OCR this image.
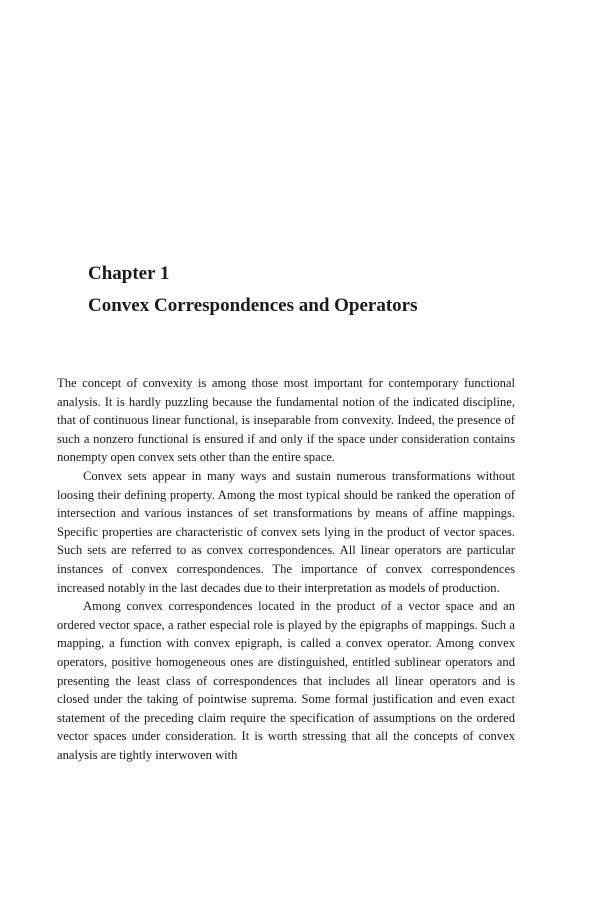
Chapter 1
Convex Correspondences and Operators

The concept of convexity is among those most important for contemporary functional analysis. It is hardly puzzling because the fundamental notion of the indicated discipline, that of continuous linear functional, is inseparable from convexity. Indeed, the presence of such a nonzero functional is ensured if and only if the space under consideration contains nonempty open convex sets other than the entire space.

Convex sets appear in many ways and sustain numerous transformations without loosing their defining property. Among the most typical should be ranked the operation of intersection and various instances of set transformations by means of affine mappings. Specific properties are characteristic of convex sets lying in the product of vector spaces. Such sets are referred to as convex correspondences. All linear operators are particular instances of convex correspondences. The importance of convex correspondences increased notably in the last decades due to their interpretation as models of production.

Among convex correspondences located in the product of a vector space and an ordered vector space, a rather especial role is played by the epigraphs of mappings. Such a mapping, a function with convex epigraph, is called a convex operator. Among convex operators, positive homogeneous ones are distinguished, entitled sublinear operators and presenting the least class of correspondences that includes all linear operators and is closed under the taking of pointwise suprema. Some formal justification and even exact statement of the preceding claim require the specification of assumptions on the ordered vector spaces under consideration. It is worth stressing that all the concepts of convex analysis are tightly interwoven with
